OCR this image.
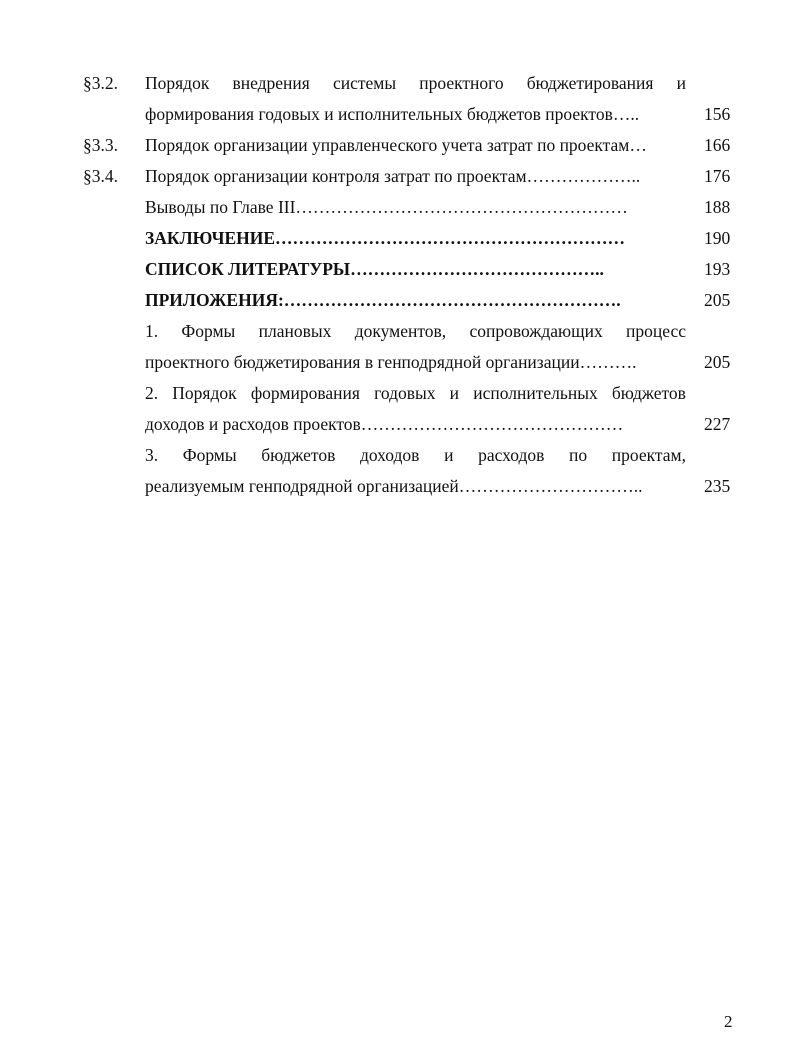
§3.2. Порядок внедрения системы проектного бюджетирования и
формирования годовых и исполнительных бюджетов проектов…..	156
§3.3. Порядок организации управленческого учета затрат по проектам…	166
§3.4. Порядок организации контроля затрат по проектам………………..	176
Выводы по Главе III…………………………………………………	188
ЗАКЛЮЧЕНИЕ……………………………………………………	190
СПИСОК ЛИТЕРАТУРЫ……………………………………..	193
ПРИЛОЖЕНИЯ:………………………………………………….	205
1. Формы плановых документов, сопровождающих процесс
проектного бюджетирования в генподрядной организации……….	205
2. Порядок формирования годовых и исполнительных бюджетов
доходов и расходов проектов………………………………………	227
3. Формы бюджетов доходов и расходов по проектам,
реализуемым генподрядной организацией…………………………..	235
2
